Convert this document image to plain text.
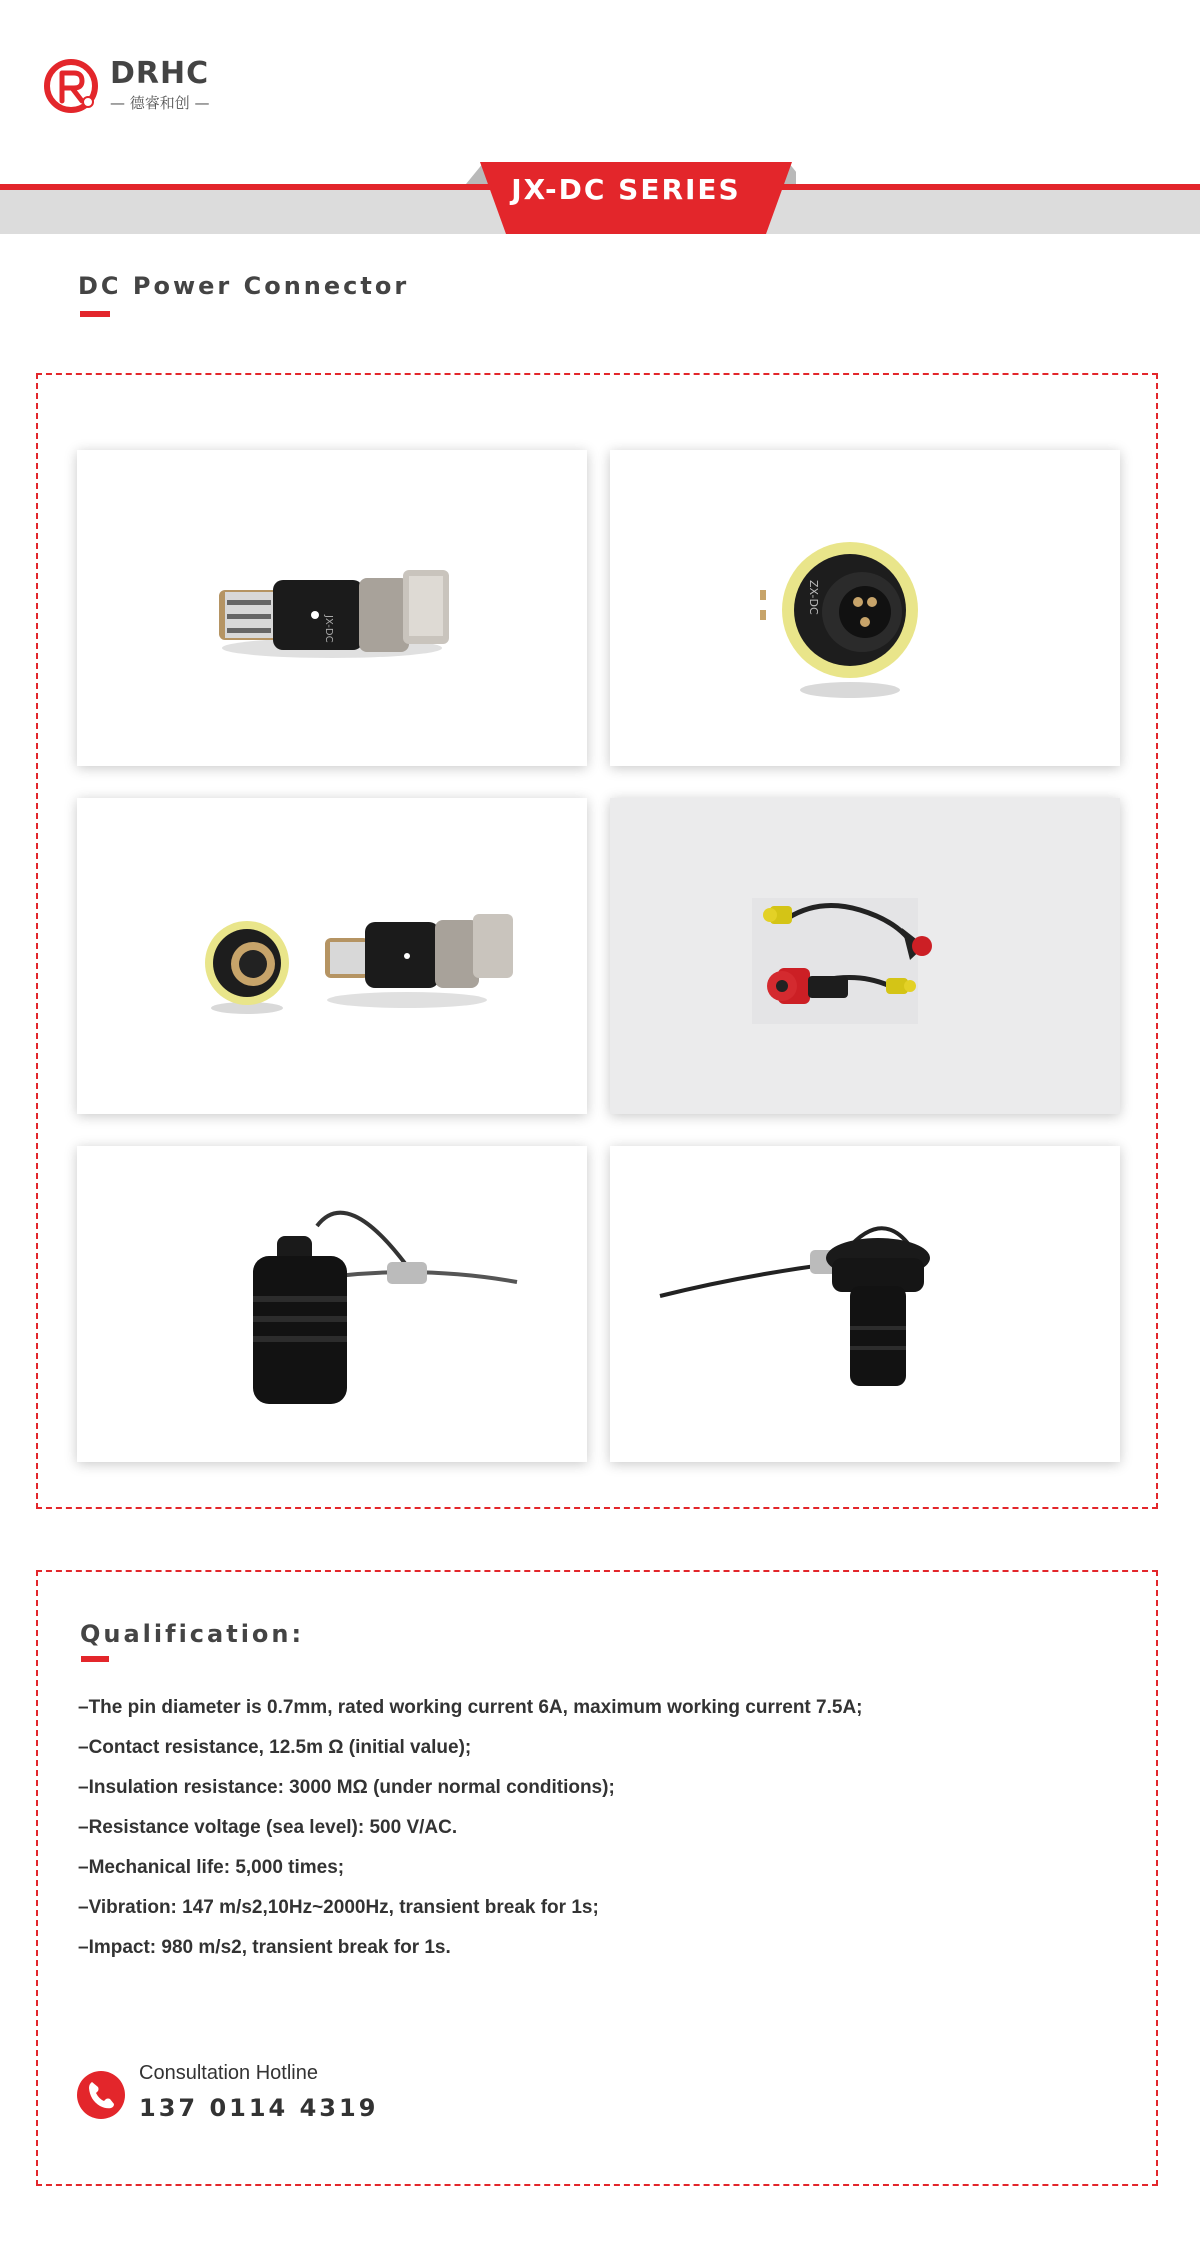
DRHC
— 德睿和创 —
JX-DC SERIES
DC Power Connector
JX-DC
ZX-DC
Qualification:
–The pin diameter is 0.7mm, rated working current 6A, maximum working current 7.5A;
–Contact resistance, 12.5m Ω (initial value);
–Insulation resistance: 3000 MΩ (under normal conditions);
–Resistance voltage (sea level): 500 V/AC.
–Mechanical life: 5,000 times;
–Vibration: 147 m/s2,10Hz~2000Hz, transient break for 1s;
–Impact: 980 m/s2, transient break for 1s.
Consultation Hotline
137 0114 4319
